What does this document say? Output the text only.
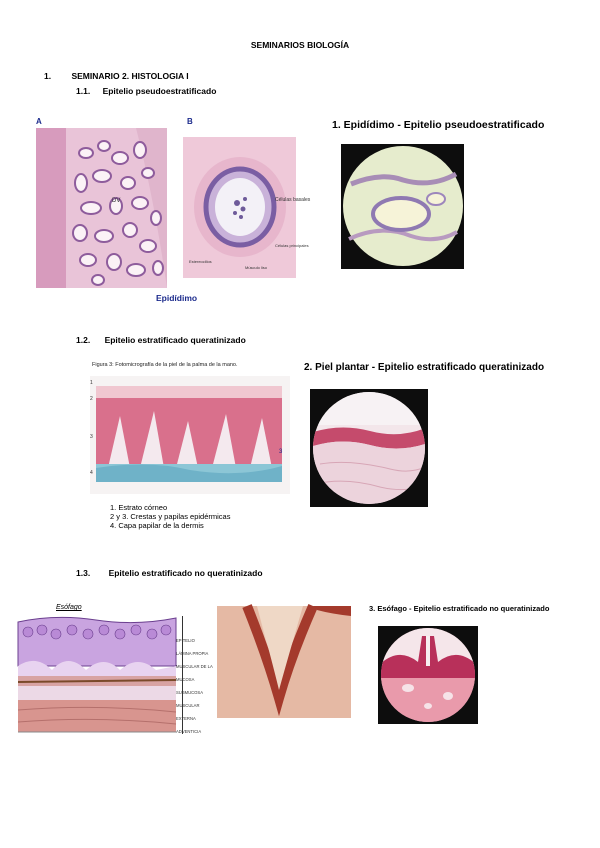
SEMINARIOS BIOLOGÍA
1. SEMINARIO 2. HISTOLOGIA I
1.1. Epitelio pseudoestratificado
A	B
DV	Células basales
Células principales
Estereocilios
Músculo liso
Epidídimo
1. Epidídimo - Epitelio pseudoestratificado
1.2. Epitelio estratificado queratinizado
Figura 3: Fotomicrografía de la piel de la palma de la mano.
1
2
3
4
3
1. Estrato córneo
2 y 3. Crestas y papilas epidérmicas
4. Capa papilar de la dermis
2. Piel plantar - Epitelio estratificado queratinizado
1.3. Epitelio estratificado no queratinizado
Esófago
EPITELIO
LÁMINA PROPIA
MUSCULAR DE LA MUCOSA
SUBMUCOSA
MUSCULAR EXTERNA
ADVENTICIA
3. Esófago - Epitelio estratificado no queratinizado
